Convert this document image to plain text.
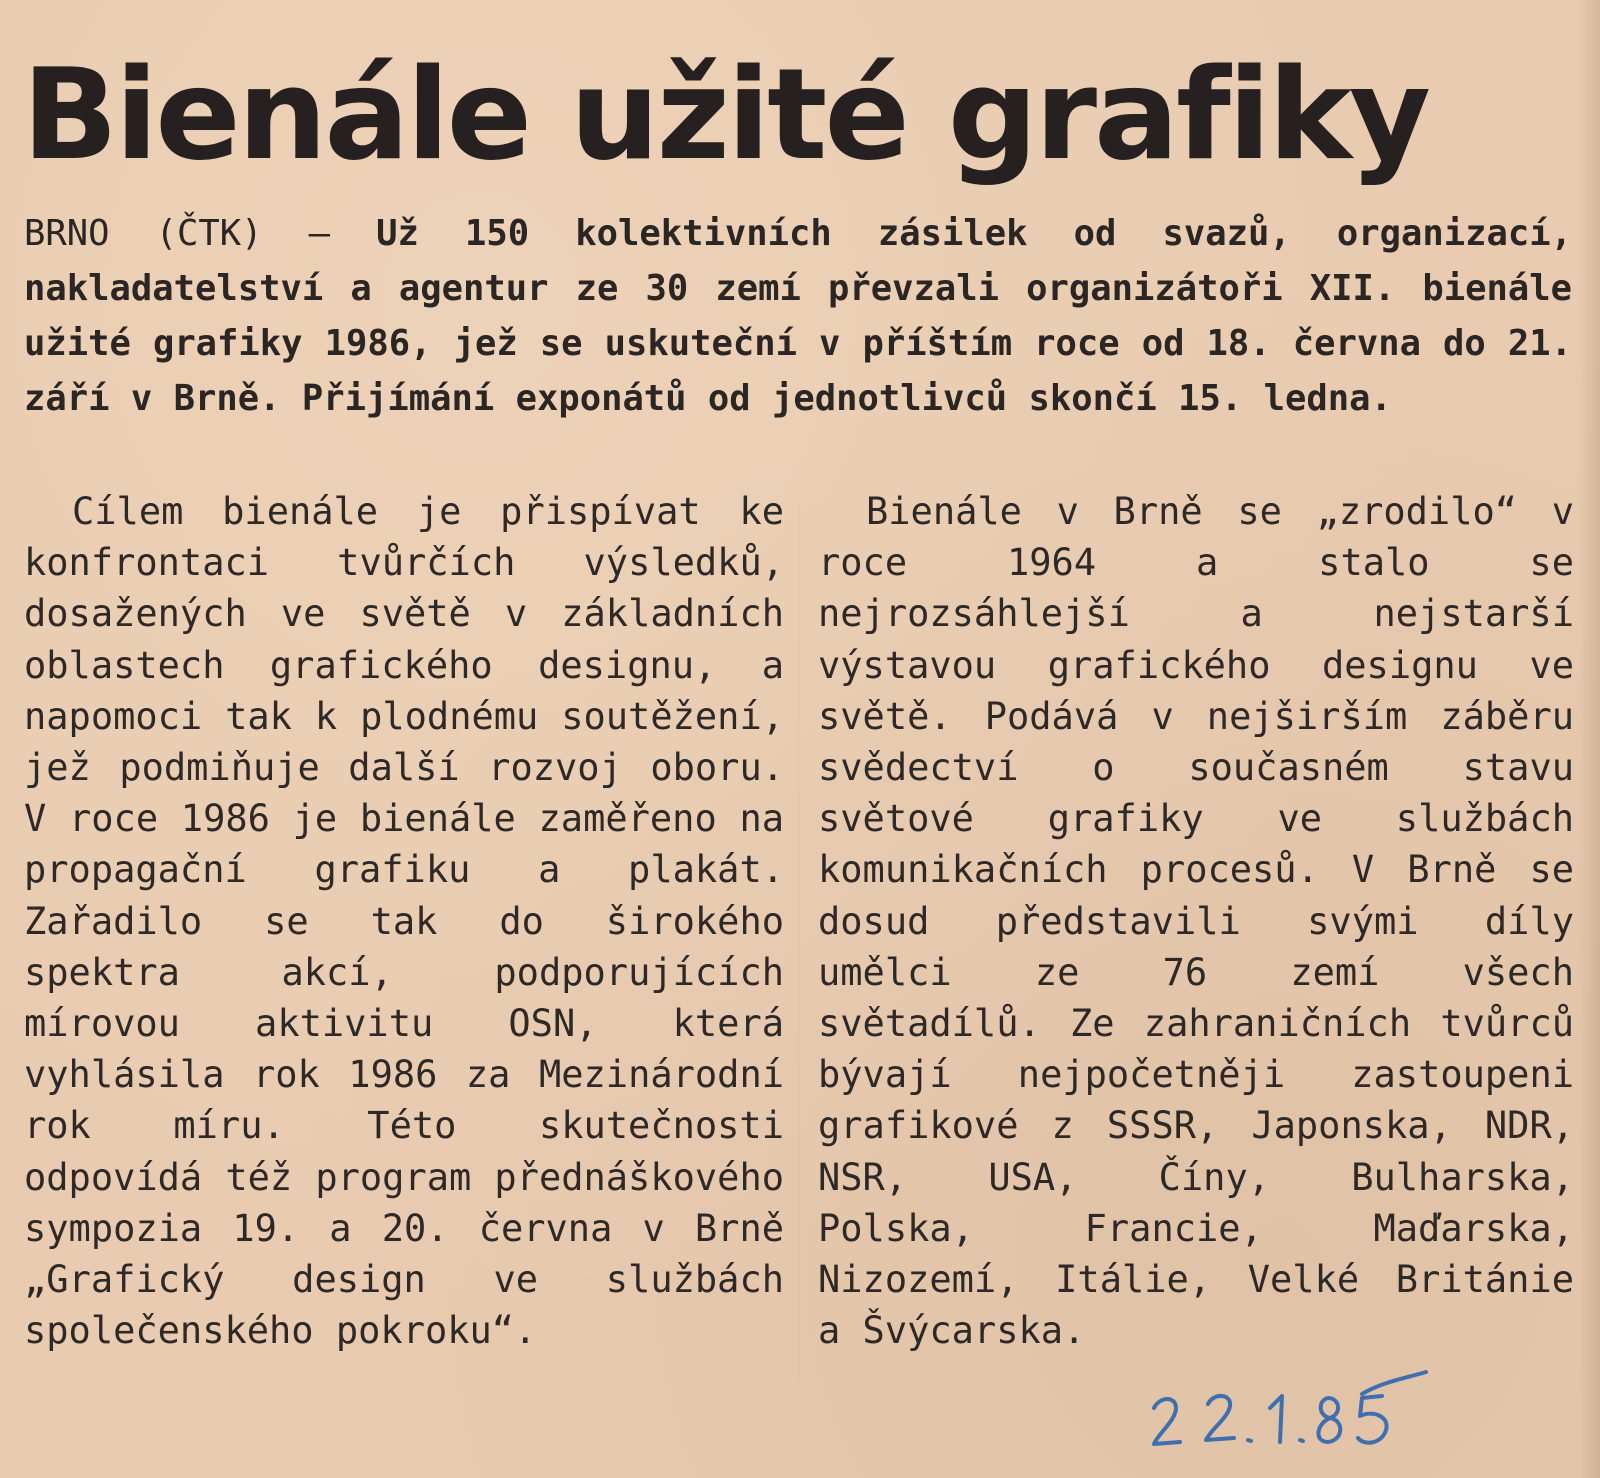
Bienále užité grafiky

BRNO (ČTK) — Už 150 kolektivních zásilek od svazů, organizací, nakladatelství a agentur ze 30 zemí převzali organizátoři XII. bienále užité grafiky 1986, jež se uskuteční v příštím roce od 18. června do 21. září v Brně. Přijímání exponátů od jednotlivců skončí 15. ledna.

Cílem bienále je přispívat ke konfrontaci tvůrčích výsledků, dosažených ve světě v základních oblastech grafického designu, a napomoci tak k plodnému soutěžení, jež podmiňuje další rozvoj oboru. V roce 1986 je bienále zaměřeno na propagační grafiku a plakát. Zařadilo se tak do širokého spektra akcí, podporujících mírovou aktivitu OSN, která vyhlásila rok 1986 za Mezinárodní rok míru. Této skutečnosti odpovídá též program přednáškového sympozia 19. a 20. června v Brně „Grafický design ve službách společenského pokroku“.

Bienále v Brně se „zrodilo“ v roce 1964 a stalo se nejrozsáhlejší a nejstarší výstavou grafického designu ve světě. Podává v nejširším záběru svědectví o současném stavu světové grafiky ve službách komunikačních procesů. V Brně se dosud představili svými díly umělci ze 76 zemí všech světadílů. Ze zahraničních tvůrců bývají nejpočetněji zastoupeni grafikové z SSSR, Japonska, NDR, NSR, USA, Číny, Bulharska, Polska, Francie, Maďarska, Nizozemí, Itálie, Velké Británie a Švýcarska.
